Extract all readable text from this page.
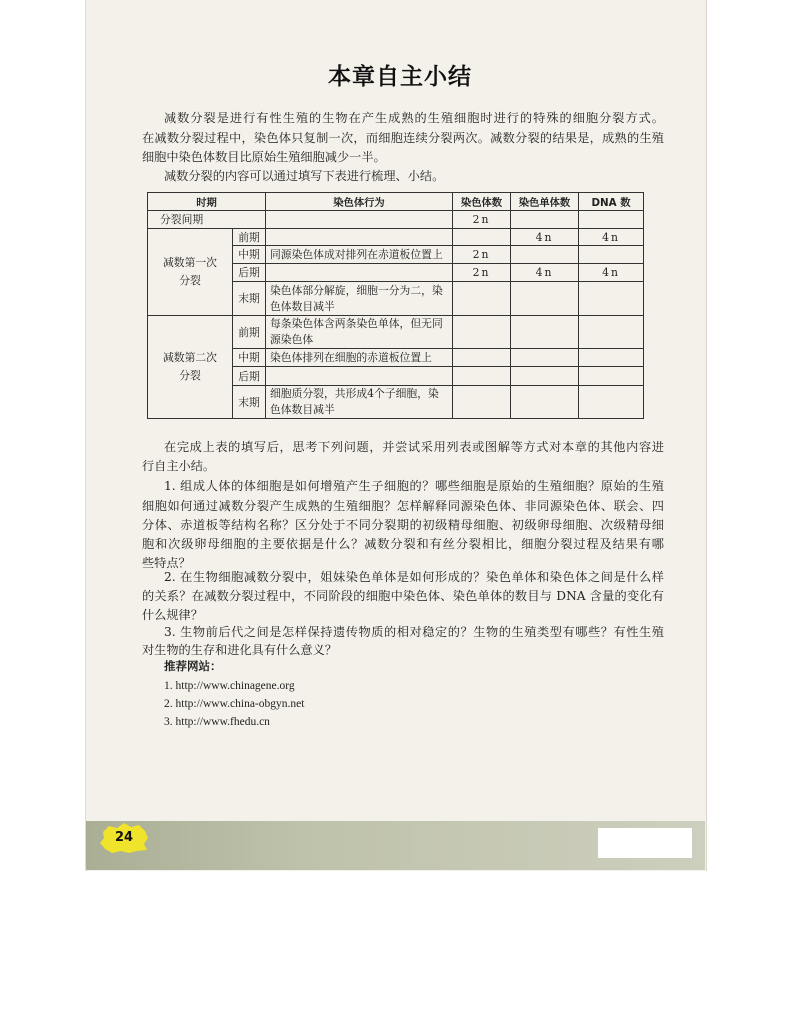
本章自主小结
减数分裂是进行有性生殖的生物在产生成熟的生殖细胞时进行的特殊的细胞分裂方式。
在减数分裂过程中，染色体只复制一次，而细胞连续分裂两次。减数分裂的结果是，成熟的生殖
细胞中染色体数目比原始生殖细胞减少一半。
减数分裂的内容可以通过填写下表进行梳理、小结。
时期		染色体行为	染色体数	染色单体数	DNA 数
分裂间期			2n		
减数第一次
分裂	前期			4n	4n
	中期	同源染色体成对排列在赤道板位置上	2n		
	后期		2n	4n	4n
	末期	染色体部分解旋，细胞一分为二，染色体数目减半			
减数第二次
分裂	前期	每条染色体含两条染色单体，但无同源染色体			
	中期	染色体排列在细胞的赤道板位置上			
	后期				
	末期	细胞质分裂，共形成4个子细胞，染色体数目减半			
在完成上表的填写后，思考下列问题，并尝试采用列表或图解等方式对本章的其他内容进
行自主小结。
1. 组成人体的体细胞是如何增殖产生子细胞的？哪些细胞是原始的生殖细胞？原始的生殖
细胞如何通过减数分裂产生成熟的生殖细胞？怎样解释同源染色体、非同源染色体、联会、四
分体、赤道板等结构名称？区分处于不同分裂期的初级精母细胞、初级卵母细胞、次级精母细
胞和次级卵母细胞的主要依据是什么？减数分裂和有丝分裂相比，细胞分裂过程及结果有哪
些特点？
2. 在生物细胞减数分裂中，姐妹染色单体是如何形成的？染色单体和染色体之间是什么样
的关系？在减数分裂过程中，不同阶段的细胞中染色体、染色单体的数目与 DNA 含量的变化有
什么规律？
3. 生物前后代之间是怎样保持遗传物质的相对稳定的？生物的生殖类型有哪些？有性生殖
对生物的生存和进化具有什么意义？
推荐网站：
1. http://www.chinagene.org
2. http://www.china-obgyn.net
3. http://www.fhedu.cn
24
